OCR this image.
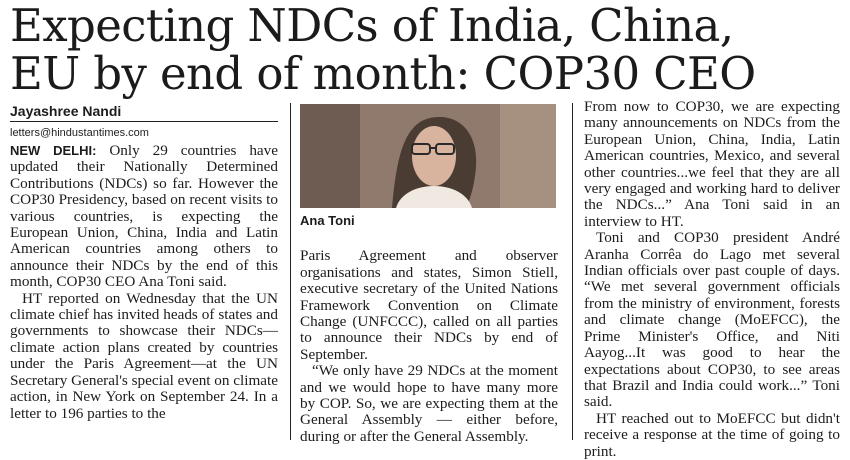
Expecting NDCs of India, China,
EU by end of month: COP30 CEO
Jayashree Nandi
letters@hindustantimes.com

NEW DELHI: Only 29 countries have updated their Nationally Determined Contributions (NDCs) so far. However the COP30 Presidency, based on recent visits to various countries, is expecting the European Union, China, India and Latin American countries among others to announce their NDCs by the end of this month, COP30 CEO Ana Toni said.

HT reported on Wednesday that the UN climate chief has invited heads of states and governments to showcase their NDCs—climate action plans created by countries under the Paris Agreement—at the UN Secretary General's special event on climate action, in New York on September 24. In a letter to 196 parties to the

Ana Toni

Paris Agreement and observer organisations and states, Simon Stiell, executive secretary of the United Nations Framework Convention on Climate Change (UNFCCC), called on all parties to announce their NDCs by end of September.

“We only have 29 NDCs at the moment and we would hope to have many more by COP. So, we are expecting them at the General Assembly — either before, during or after the General Assembly.

From now to COP30, we are expecting many announcements on NDCs from the European Union, China, India, Latin American countries, Mexico, and several other countries...we feel that they are all very engaged and working hard to deliver the NDCs...” Ana Toni said in an interview to HT.

Toni and COP30 president André Aranha Corrêa do Lago met several Indian officials over past couple of days. “We met several government officials from the ministry of environment, forests and climate change (MoEFCC), the Prime Minister's Office, and Niti Aayog...It was good to hear the expectations about COP30, to see areas that Brazil and India could work...” Toni said.

HT reached out to MoEFCC but didn't receive a response at the time of going to print.
